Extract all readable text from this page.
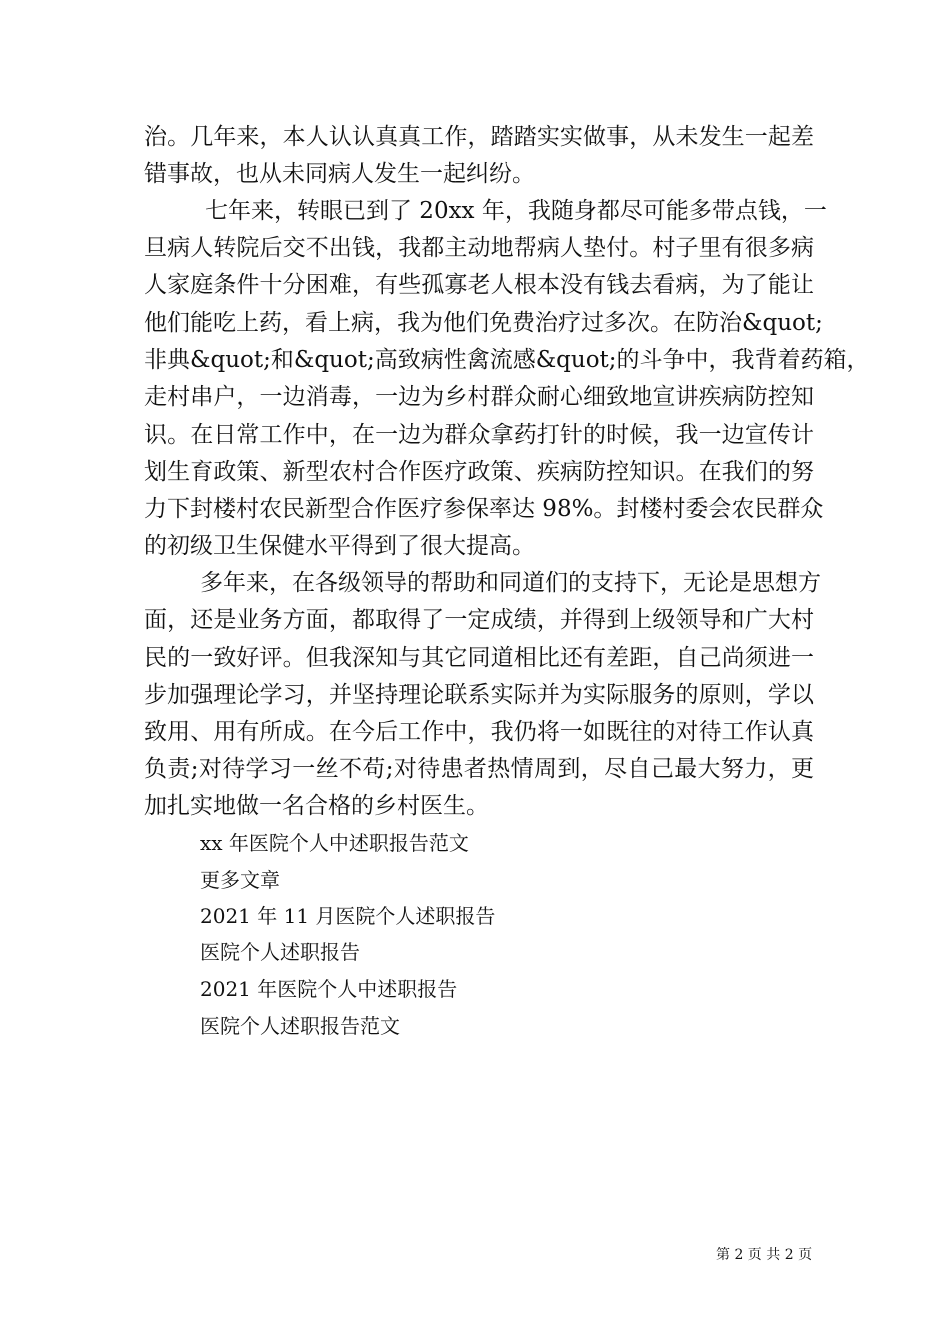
治。几年来，本人认认真真工作，踏踏实实做事，从未发生一起差
错事故，也从未同病人发生一起纠纷。
七年来，转眼已到了 20xx 年，我随身都尽可能多带点钱，一
旦病人转院后交不出钱，我都主动地帮病人垫付。村子里有很多病
人家庭条件十分困难，有些孤寡老人根本没有钱去看病，为了能让
他们能吃上药，看上病，我为他们免费治疗过多次。在防治&quot;
非典&quot;和&quot;高致病性禽流感&quot;的斗争中，我背着药箱，
走村串户，一边消毒，一边为乡村群众耐心细致地宣讲疾病防控知
识。在日常工作中，在一边为群众拿药打针的时候，我一边宣传计
划生育政策、新型农村合作医疗政策、疾病防控知识。在我们的努
力下封楼村农民新型合作医疗参保率达 98%。封楼村委会农民群众
的初级卫生保健水平得到了很大提高。
多年来，在各级领导的帮助和同道们的支持下，无论是思想方
面，还是业务方面，都取得了一定成绩，并得到上级领导和广大村
民的一致好评。但我深知与其它同道相比还有差距，自己尚须进一
步加强理论学习，并坚持理论联系实际并为实际服务的原则，学以
致用、用有所成。在今后工作中，我仍将一如既往的对待工作认真
负责;对待学习一丝不苟;对待患者热情周到，尽自己最大努力，更
加扎实地做一名合格的乡村医生。
xx 年医院个人中述职报告范文
更多文章
2021 年 11 月医院个人述职报告
医院个人述职报告
2021 年医院个人中述职报告
医院个人述职报告范文
第 2 页 共 2 页
